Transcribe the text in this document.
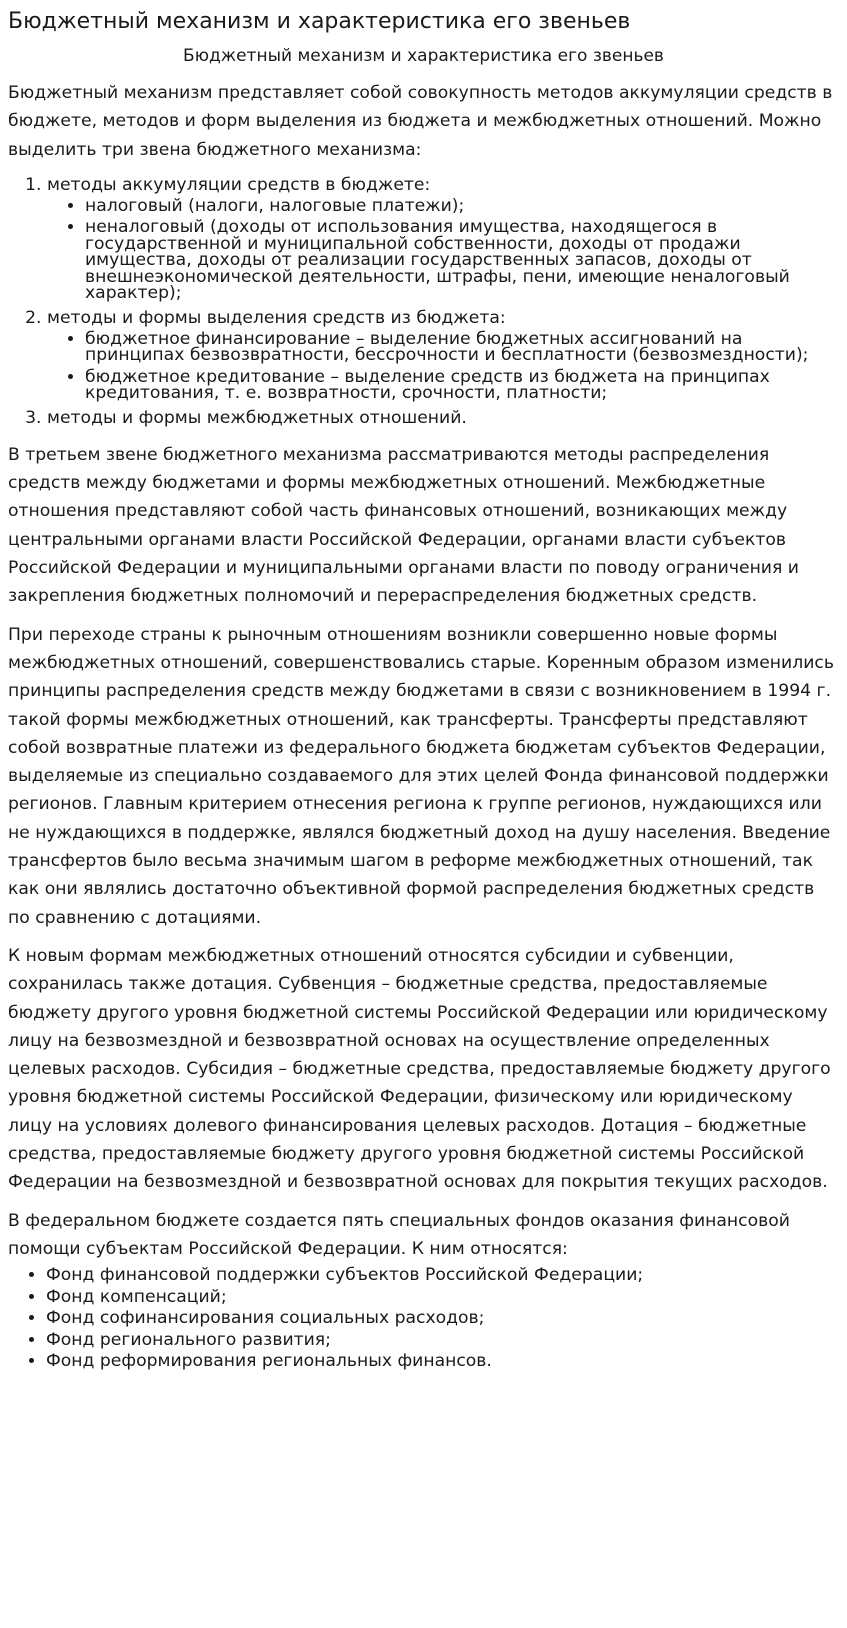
Бюджетный механизм и характеристика его звеньев
Бюджетный механизм и характеристика его звеньев

Бюджетный механизм представляет собой совокупность методов аккумуляции средств в бюджете, методов и форм выделения из бюджета и межбюджетных отношений. Можно выделить три звена бюджетного механизма:

1. методы аккумуляции средств в бюджете:
• налоговый (налоги, налоговые платежи);
• неналоговый (доходы от использования имущества, находящегося в государственной и муниципальной собственности, доходы от продажи имущества, доходы от реализации государственных запасов, доходы от внешнеэкономической деятельности, штрафы, пени, имеющие неналоговый характер);
2. методы и формы выделения средств из бюджета:
• бюджетное финансирование – выделение бюджетных ассигнований на принципах безвозвратности, бессрочности и бесплатности (безвозмездности);
• бюджетное кредитование – выделение средств из бюджета на принципах кредитования, т. е. возвратности, срочности, платности;
3. методы и формы межбюджетных отношений.

В третьем звене бюджетного механизма рассматриваются методы распределения средств между бюджетами и формы межбюджетных отношений. Межбюджетные отношения представляют собой часть финансовых отношений, возникающих между центральными органами власти Российской Федерации, органами власти субъектов Российской Федерации и муниципальными органами власти по поводу ограничения и закрепления бюджетных полномочий и перераспределения бюджетных средств.

При переходе страны к рыночным отношениям возникли совершенно новые формы межбюджетных отношений, совершенствовались старые. Коренным образом изменились принципы распределения средств между бюджетами в связи с возникновением в 1994 г. такой формы межбюджетных отношений, как трансферты. Трансферты представляют собой возвратные платежи из федерального бюджета бюджетам субъектов Федерации, выделяемые из специально создаваемого для этих целей Фонда финансовой поддержки регионов. Главным критерием отнесения региона к группе регионов, нуждающихся или не нуждающихся в поддержке, являлся бюджетный доход на душу населения. Введение трансфертов было весьма значимым шагом в реформе межбюджетных отношений, так как они являлись достаточно объективной формой распределения бюджетных средств по сравнению с дотациями.

К новым формам межбюджетных отношений относятся субсидии и субвенции, сохранилась также дотация. Субвенция – бюджетные средства, предоставляемые бюджету другого уровня бюджетной системы Российской Федерации или юридическому лицу на безвозмездной и безвозвратной основах на осуществление определенных целевых расходов. Субсидия – бюджетные средства, предоставляемые бюджету другого уровня бюджетной системы Российской Федерации, физическому или юридическому лицу на условиях долевого финансирования целевых расходов. Дотация – бюджетные средства, предоставляемые бюджету другого уровня бюджетной системы Российской Федерации на безвозмездной и безвозвратной основах для покрытия текущих расходов.

В федеральном бюджете создается пять специальных фондов оказания финансовой помощи субъектам Российской Федерации. К ним относятся:

• Фонд финансовой поддержки субъектов Российской Федерации;
• Фонд компенсаций;
• Фонд софинансирования социальных расходов;
• Фонд регионального развития;
• Фонд реформирования региональных финансов.
